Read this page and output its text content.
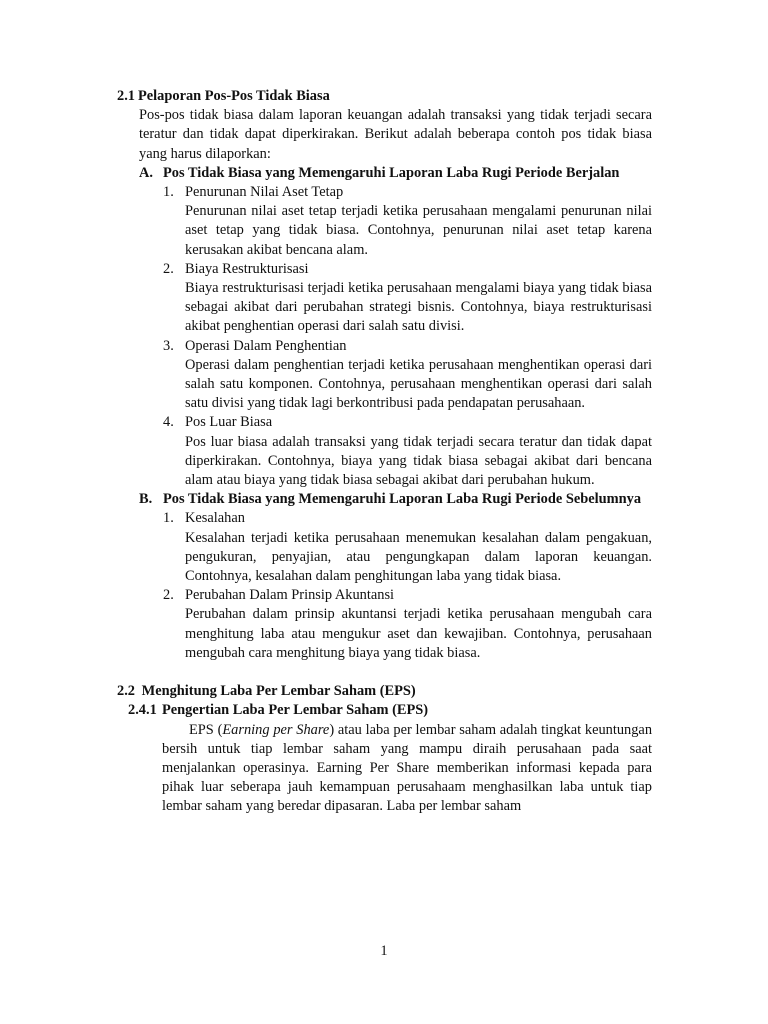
2.1 Pelaporan Pos-Pos Tidak Biasa

Pos-pos tidak biasa dalam laporan keuangan adalah transaksi yang tidak terjadi secara teratur dan tidak dapat diperkirakan. Berikut adalah beberapa contoh pos tidak biasa yang harus dilaporkan:

A. Pos Tidak Biasa yang Memengaruhi Laporan Laba Rugi Periode Berjalan
1. Penurunan Nilai Aset Tetap

Penurunan nilai aset tetap terjadi ketika perusahaan mengalami penurunan nilai aset tetap yang tidak biasa. Contohnya, penurunan nilai aset tetap karena kerusakan akibat bencana alam.

2. Biaya Restrukturisasi

Biaya restrukturisasi terjadi ketika perusahaan mengalami biaya yang tidak biasa sebagai akibat dari perubahan strategi bisnis. Contohnya, biaya restrukturisasi akibat penghentian operasi dari salah satu divisi.

3. Operasi Dalam Penghentian

Operasi dalam penghentian terjadi ketika perusahaan menghentikan operasi dari salah satu komponen. Contohnya, perusahaan menghentikan operasi dari salah satu divisi yang tidak lagi berkontribusi pada pendapatan perusahaan.

4. Pos Luar Biasa

Pos luar biasa adalah transaksi yang tidak terjadi secara teratur dan tidak dapat diperkirakan. Contohnya, biaya yang tidak biasa sebagai akibat dari bencana alam atau biaya yang tidak biasa sebagai akibat dari perubahan hukum.

B. Pos Tidak Biasa yang Memengaruhi Laporan Laba Rugi Periode Sebelumnya
1. Kesalahan

Kesalahan terjadi ketika perusahaan menemukan kesalahan dalam pengakuan, pengukuran, penyajian, atau pengungkapan dalam laporan keuangan. Contohnya, kesalahan dalam penghitungan laba yang tidak biasa.

2. Perubahan Dalam Prinsip Akuntansi

Perubahan dalam prinsip akuntansi terjadi ketika perusahaan mengubah cara menghitung laba atau mengukur aset dan kewajiban. Contohnya, perusahaan mengubah cara menghitung biaya yang tidak biasa.

2.2 Menghitung Laba Per Lembar Saham (EPS)

2.4.1 Pengertian Laba Per Lembar Saham (EPS)

EPS (Earning per Share) atau laba per lembar saham adalah tingkat keuntungan bersih untuk tiap lembar saham yang mampu diraih perusahaan pada saat menjalankan operasinya. Earning Per Share memberikan informasi kepada para pihak luar seberapa jauh kemampuan perusahaam menghasilkan laba untuk tiap lembar saham yang beredar dipasaran. Laba per lembar saham

1
